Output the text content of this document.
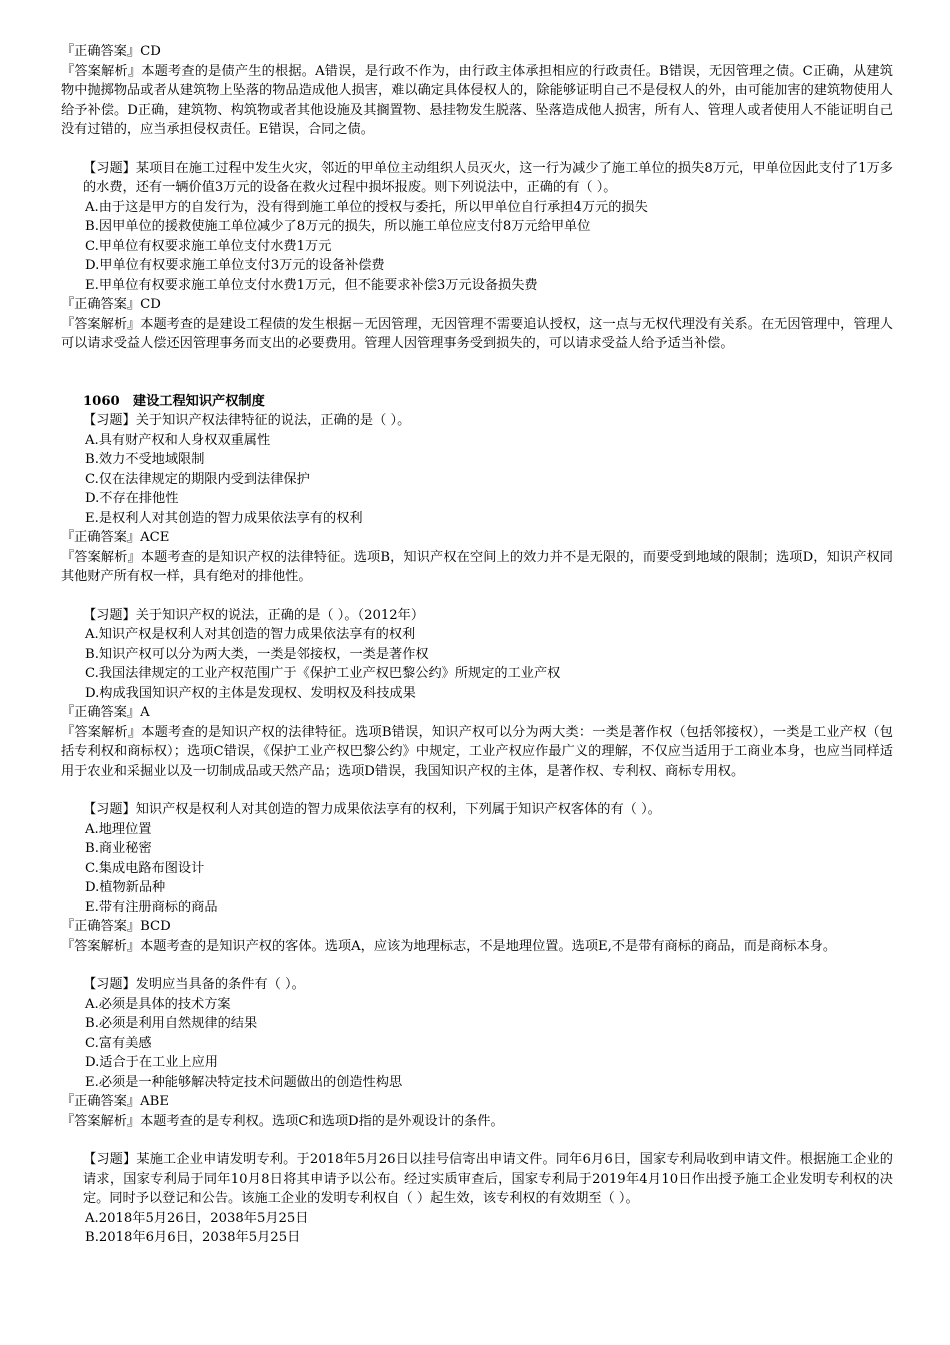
『正确答案』CD
『答案解析』本题考查的是债产生的根据。A错误，是行政不作为，由行政主体承担相应的行政责任。B错误，无因管理之债。C正确，从建筑物中抛掷物品或者从建筑物上坠落的物品造成他人损害，难以确定具体侵权人的，除能够证明自己不是侵权人的外，由可能加害的建筑物使用人给予补偿。D正确，建筑物、构筑物或者其他设施及其搁置物、悬挂物发生脱落、坠落造成他人损害，所有人、管理人或者使用人不能证明自己没有过错的，应当承担侵权责任。E错误，合同之债。
【习题】某项目在施工过程中发生火灾，邻近的甲单位主动组织人员灭火，这一行为减少了施工单位的损失8万元，甲单位因此支付了1万多的水费，还有一辆价值3万元的设备在救火过程中损坏报废。则下列说法中，正确的有（ ）。
A.由于这是甲方的自发行为，没有得到施工单位的授权与委托，所以甲单位自行承担4万元的损失
B.因甲单位的援救使施工单位减少了8万元的损失，所以施工单位应支付8万元给甲单位
C.甲单位有权要求施工单位支付水费1万元
D.甲单位有权要求施工单位支付3万元的设备补偿费
E.甲单位有权要求施工单位支付水费1万元，但不能要求补偿3万元设备损失费
『正确答案』CD
『答案解析』本题考查的是建设工程债的发生根据－无因管理，无因管理不需要追认授权，这一点与无权代理没有关系。在无因管理中，管理人可以请求受益人偿还因管理事务而支出的必要费用。管理人因管理事务受到损失的，可以请求受益人给予适当补偿。
1060　建设工程知识产权制度
【习题】关于知识产权法律特征的说法，正确的是（ ）。
A.具有财产权和人身权双重属性
B.效力不受地域限制
C.仅在法律规定的期限内受到法律保护
D.不存在排他性
E.是权利人对其创造的智力成果依法享有的权利
『正确答案』ACE
『答案解析』本题考查的是知识产权的法律特征。选项B，知识产权在空间上的效力并不是无限的，而要受到地域的限制；选项D，知识产权同其他财产所有权一样，具有绝对的排他性。
【习题】关于知识产权的说法，正确的是（ ）。（2012年）
A.知识产权是权利人对其创造的智力成果依法享有的权利
B.知识产权可以分为两大类，一类是邻接权，一类是著作权
C.我国法律规定的工业产权范围广于《保护工业产权巴黎公约》所规定的工业产权
D.构成我国知识产权的主体是发现权、发明权及科技成果
『正确答案』A
『答案解析』本题考查的是知识产权的法律特征。选项B错误，知识产权可以分为两大类：一类是著作权（包括邻接权），一类是工业产权（包括专利权和商标权）；选项C错误，《保护工业产权巴黎公约》中规定，工业产权应作最广义的理解，不仅应当适用于工商业本身，也应当同样适用于农业和采掘业以及一切制成品或天然产品；选项D错误，我国知识产权的主体，是著作权、专利权、商标专用权。
【习题】知识产权是权利人对其创造的智力成果依法享有的权利，下列属于知识产权客体的有（ ）。
A.地理位置
B.商业秘密
C.集成电路布图设计
D.植物新品种
E.带有注册商标的商品
『正确答案』BCD
『答案解析』本题考查的是知识产权的客体。选项A，应该为地理标志，不是地理位置。选项E,不是带有商标的商品，而是商标本身。
【习题】发明应当具备的条件有（ ）。
A.必须是具体的技术方案
B.必须是利用自然规律的结果
C.富有美感
D.适合于在工业上应用
E.必须是一种能够解决特定技术问题做出的创造性构思
『正确答案』ABE
『答案解析』本题考查的是专利权。选项C和选项D指的是外观设计的条件。
【习题】某施工企业申请发明专利。于2018年5月26日以挂号信寄出申请文件。同年6月6日，国家专利局收到申请文件。根据施工企业的请求，国家专利局于同年10月8日将其申请予以公布。经过实质审查后，国家专利局于2019年4月10日作出授予施工企业发明专利权的决定。同时予以登记和公告。该施工企业的发明专利权自（ ）起生效，该专利权的有效期至（ ）。
A.2018年5月26日，2038年5月25日
B.2018年6月6日，2038年5月25日
